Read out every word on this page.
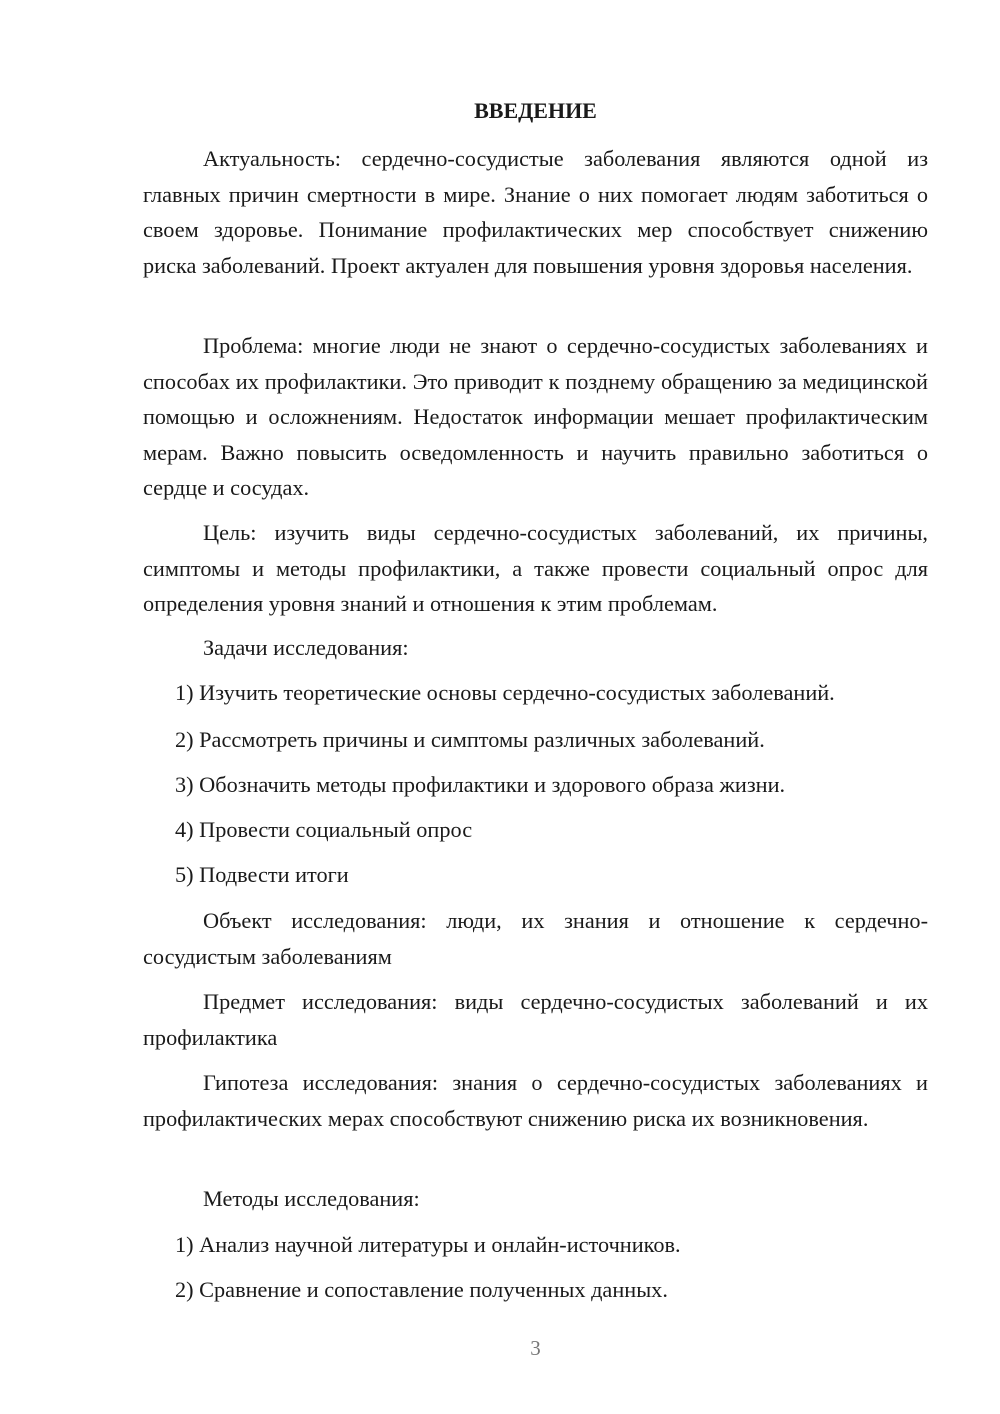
ВВЕДЕНИЕ
Актуальность: сердечно-сосудистые заболевания являются одной из главных причин смертности в мире. Знание о них помогает людям заботиться о своем здоровье. Понимание профилактических мер способствует снижению риска заболеваний. Проект актуален для повышения уровня здоровья населения.
Проблема: многие люди не знают о сердечно-сосудистых заболеваниях и способах их профилактики. Это приводит к позднему обращению за медицинской помощью и осложнениям. Недостаток информации мешает профилактическим мерам. Важно повысить осведомленность и научить правильно заботиться о сердце и сосудах.
Цель: изучить виды сердечно-сосудистых заболеваний, их причины, симптомы и методы профилактики, а также провести социальный опрос для определения уровня знаний и отношения к этим проблемам.
Задачи исследования:
1) Изучить теоретические основы сердечно-сосудистых заболеваний.
2) Рассмотреть причины и симптомы различных заболеваний.
3) Обозначить методы профилактики и здорового образа жизни.
4) Провести социальный опрос
5) Подвести итоги
Объект исследования: люди, их знания и отношение к сердечно-сосудистым заболеваниям
Предмет исследования: виды сердечно-сосудистых заболеваний и их профилактика
Гипотеза исследования: знания о сердечно-сосудистых заболеваниях и профилактических мерах способствуют снижению риска их возникновения.
Методы исследования:
1) Анализ научной литературы и онлайн-источников.
2) Сравнение и сопоставление полученных данных.
3
